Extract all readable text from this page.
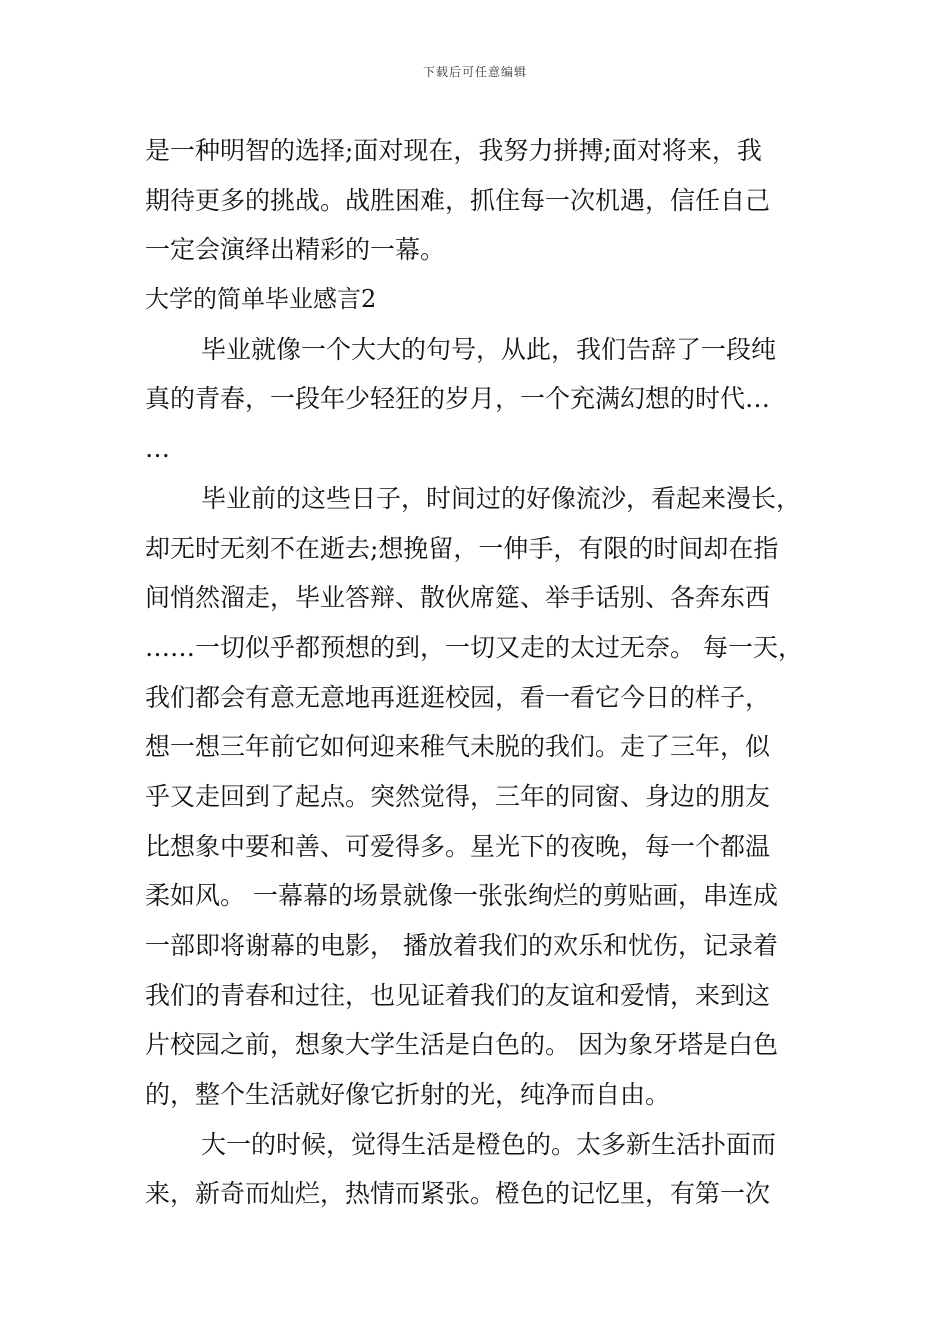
下载后可任意编辑
是一种明智的选择;面对现在，我努力拼搏;面对将来，我
期待更多的挑战。战胜困难，抓住每一次机遇，信任自己
一定会演绎出精彩的一幕。
大学的简单毕业感言2
毕业就像一个大大的句号，从此，我们告辞了一段纯
真的青春，一段年少轻狂的岁月，一个充满幻想的时代…
…
毕业前的这些日子，时间过的好像流沙，看起来漫长，
却无时无刻不在逝去;想挽留，一伸手，有限的时间却在指
间悄然溜走，毕业答辩、散伙席筵、举手话别、各奔东西
……一切似乎都预想的到，一切又走的太过无奈。 每一天，
我们都会有意无意地再逛逛校园，看一看它今日的样子，
想一想三年前它如何迎来稚气未脱的我们。走了三年，似
乎又走回到了起点。突然觉得，三年的同窗、身边的朋友
比想象中要和善、可爱得多。星光下的夜晚，每一个都温
柔如风。 一幕幕的场景就像一张张绚烂的剪贴画，串连成
一部即将谢幕的电影， 播放着我们的欢乐和忧伤，记录着
我们的青春和过往，也见证着我们的友谊和爱情，来到这
片校园之前，想象大学生活是白色的。 因为象牙塔是白色
的，整个生活就好像它折射的光，纯净而自由。
大一的时候，觉得生活是橙色的。太多新生活扑面而
来，新奇而灿烂，热情而紧张。橙色的记忆里，有第一次
